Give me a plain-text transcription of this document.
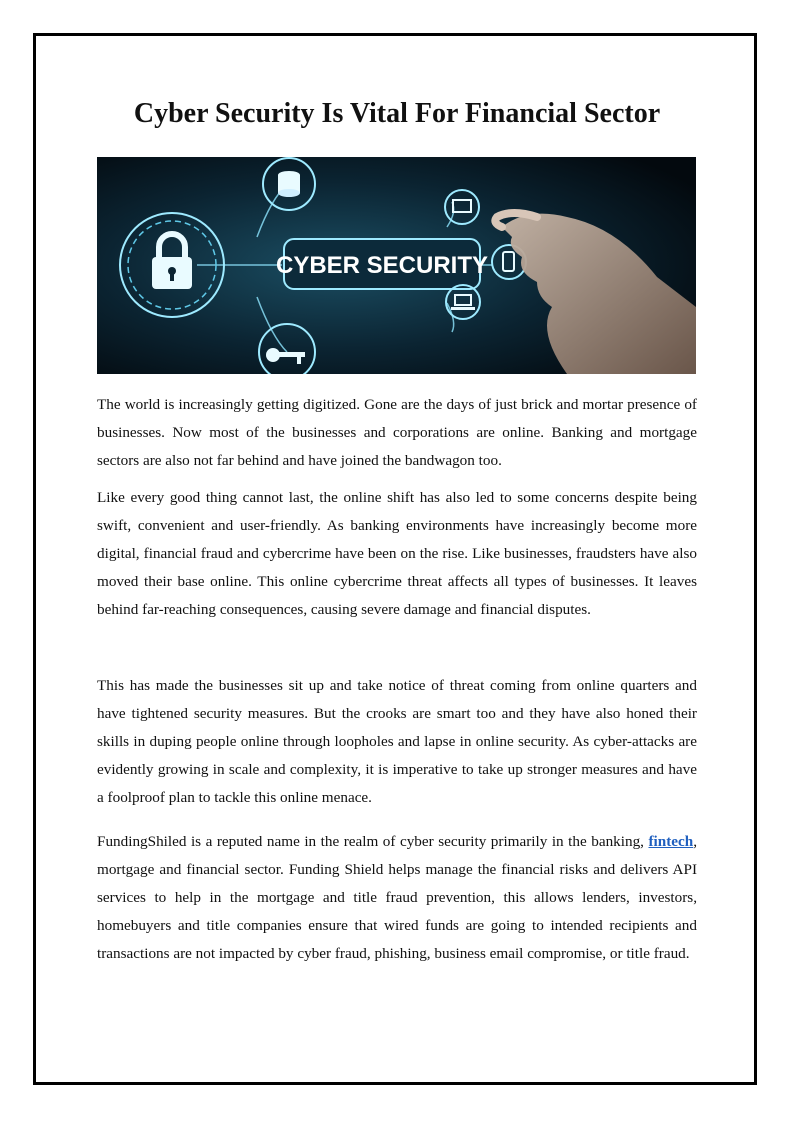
Cyber Security Is Vital For Financial Sector
CYBER SECURITY

The world is increasingly getting digitized. Gone are the days of just brick and mortar presence of businesses. Now most of the businesses and corporations are online. Banking and mortgage sectors are also not far behind and have joined the bandwagon too.

Like every good thing cannot last, the online shift has also led to some concerns despite being swift, convenient and user-friendly. As banking environments have increasingly become more digital, financial fraud and cybercrime have been on the rise. Like businesses, fraudsters have also moved their base online. This online cybercrime threat affects all types of businesses. It leaves behind far-reaching consequences, causing severe damage and financial disputes.

This has made the businesses sit up and take notice of threat coming from online quarters and have tightened security measures. But the crooks are smart too and they have also honed their skills in duping people online through loopholes and lapse in online security. As cyber-attacks are evidently growing in scale and complexity, it is imperative to take up stronger measures and have a foolproof plan to tackle this online menace.

FundingShiled is a reputed name in the realm of cyber security primarily in the banking, fintech, mortgage and financial sector. Funding Shield helps manage the financial risks and delivers API services to help in the mortgage and title fraud prevention, this allows lenders, investors, homebuyers and title companies ensure that wired funds are going to intended recipients and transactions are not impacted by cyber fraud, phishing, business email compromise, or title fraud.
